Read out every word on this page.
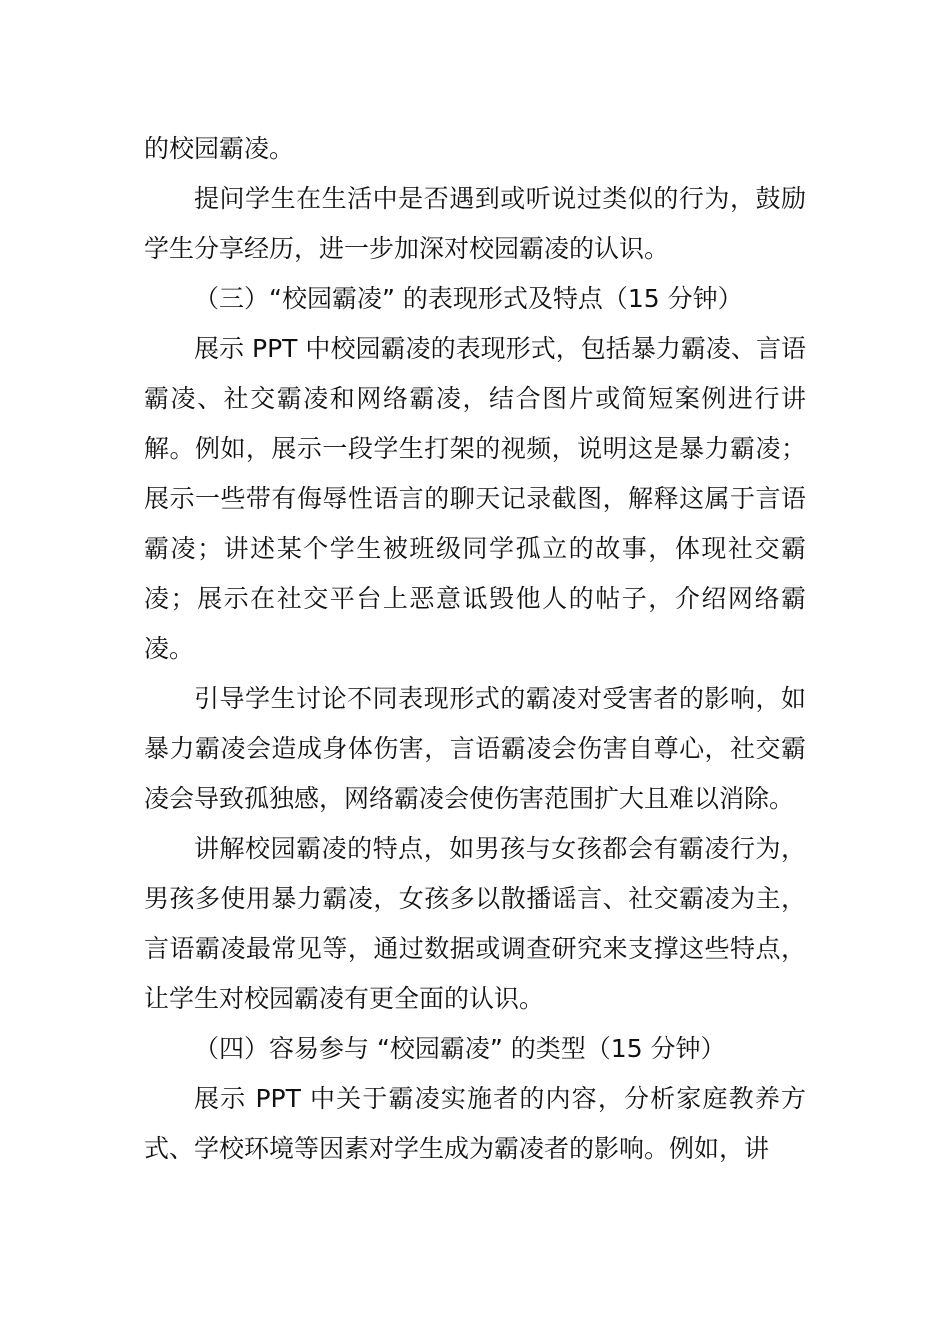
的校园霸凌。

提问学生在生活中是否遇到或听说过类似的行为，鼓励学生分享经历，进一步加深对校园霸凌的认识。

（三）“校园霸凌” 的表现形式及特点（15 分钟）

展示 PPT 中校园霸凌的表现形式，包括暴力霸凌、言语霸凌、社交霸凌和网络霸凌，结合图片或简短案例进行讲解。例如，展示一段学生打架的视频，说明这是暴力霸凌；展示一些带有侮辱性语言的聊天记录截图，解释这属于言语霸凌；讲述某个学生被班级同学孤立的故事，体现社交霸凌；展示在社交平台上恶意诋毁他人的帖子，介绍网络霸凌。

引导学生讨论不同表现形式的霸凌对受害者的影响，如暴力霸凌会造成身体伤害，言语霸凌会伤害自尊心，社交霸凌会导致孤独感，网络霸凌会使伤害范围扩大且难以消除。

讲解校园霸凌的特点，如男孩与女孩都会有霸凌行为，男孩多使用暴力霸凌，女孩多以散播谣言、社交霸凌为主，言语霸凌最常见等，通过数据或调查研究来支撑这些特点，让学生对校园霸凌有更全面的认识。

（四）容易参与 “校园霸凌” 的类型（15 分钟）

展示 PPT 中关于霸凌实施者的内容，分析家庭教养方式、学校环境等因素对学生成为霸凌者的影响。例如，讲
